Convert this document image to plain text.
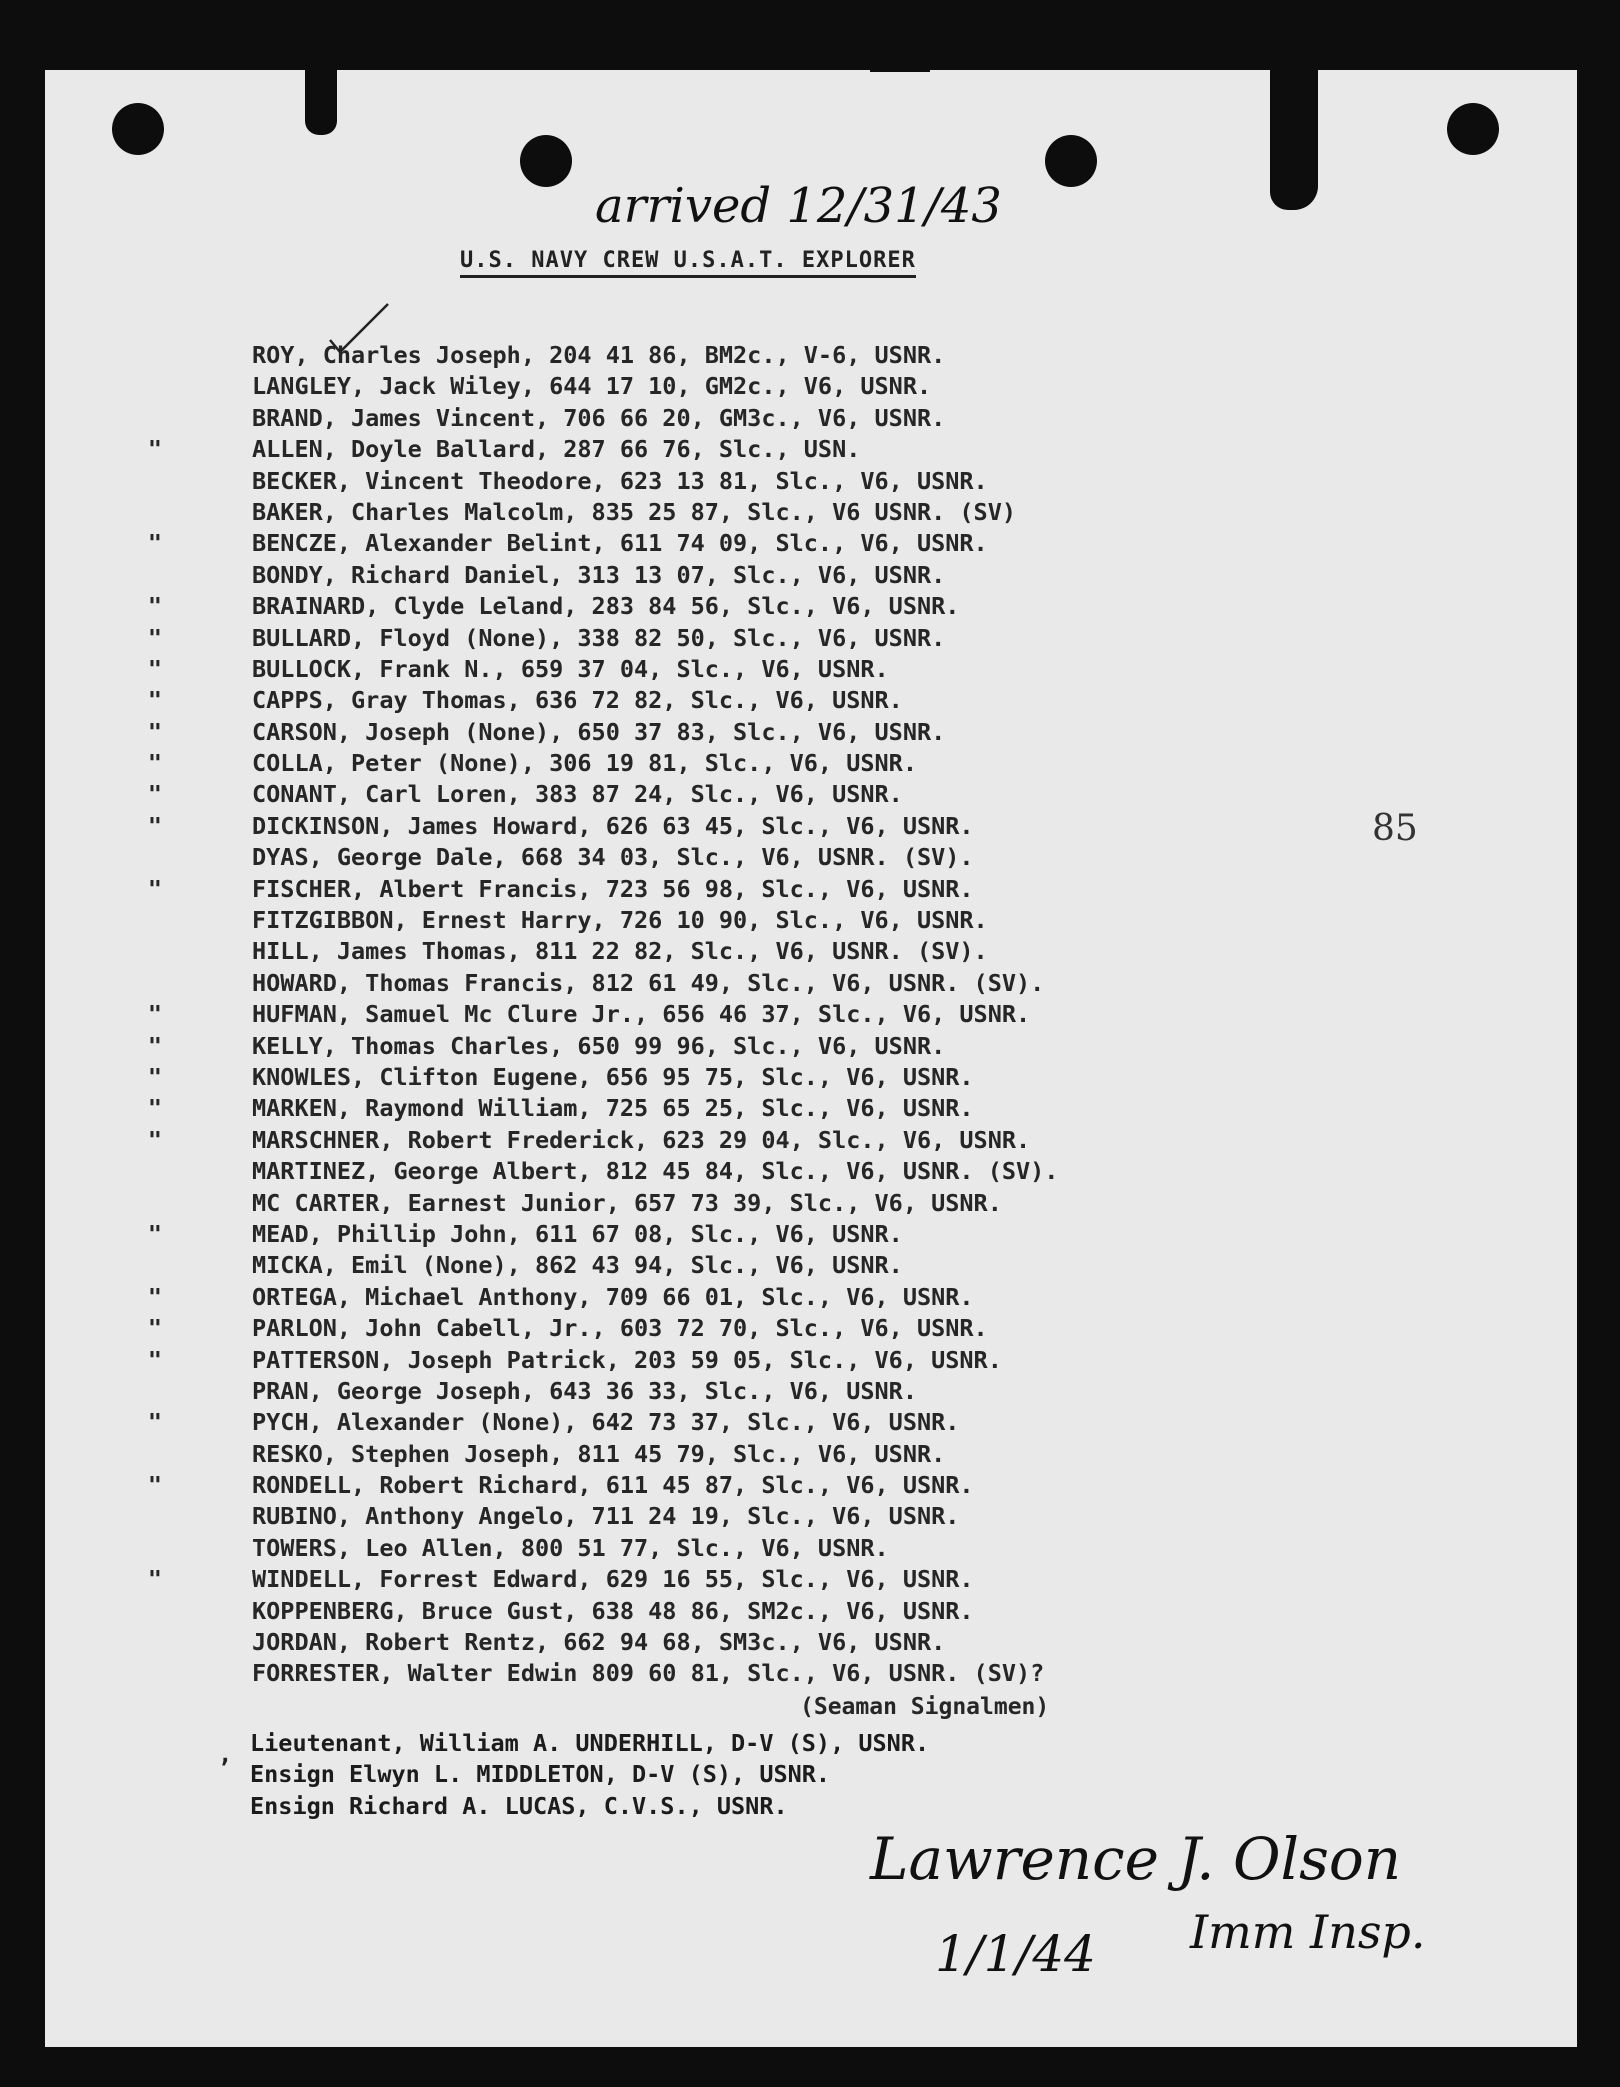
arrived 12/31/43
U.S. NAVY CREW U.S.A.T. EXPLORER
85
ROY, Charles Joseph, 204 41 86, BM2c., V-6, USNR.
LANGLEY, Jack Wiley, 644 17 10, GM2c., V6, USNR.
BRAND, James Vincent, 706 66 20, GM3c., V6, USNR.
"	ALLEN, Doyle Ballard, 287 66 76, Slc., USN.
BECKER, Vincent Theodore, 623 13 81, Slc., V6, USNR.
BAKER, Charles Malcolm, 835 25 87, Slc., V6 USNR. (SV)
"	BENCZE, Alexander Belint, 611 74 09, Slc., V6, USNR.
BONDY, Richard Daniel, 313 13 07, Slc., V6, USNR.
"	BRAINARD, Clyde Leland, 283 84 56, Slc., V6, USNR.
"	BULLARD, Floyd (None), 338 82 50, Slc., V6, USNR.
"	BULLOCK, Frank N., 659 37 04, Slc., V6, USNR.
"	CAPPS, Gray Thomas, 636 72 82, Slc., V6, USNR.
"	CARSON, Joseph (None), 650 37 83, Slc., V6, USNR.
"	COLLA, Peter (None), 306 19 81, Slc., V6, USNR.
"	CONANT, Carl Loren, 383 87 24, Slc., V6, USNR.
"	DICKINSON, James Howard, 626 63 45, Slc., V6, USNR.
DYAS, George Dale, 668 34 03, Slc., V6, USNR. (SV).
"	FISCHER, Albert Francis, 723 56 98, Slc., V6, USNR.
FITZGIBBON, Ernest Harry, 726 10 90, Slc., V6, USNR.
HILL, James Thomas, 811 22 82, Slc., V6, USNR. (SV).
HOWARD, Thomas Francis, 812 61 49, Slc., V6, USNR. (SV).
"	HUFMAN, Samuel Mc Clure Jr., 656 46 37, Slc., V6, USNR.
"	KELLY, Thomas Charles, 650 99 96, Slc., V6, USNR.
"	KNOWLES, Clifton Eugene, 656 95 75, Slc., V6, USNR.
"	MARKEN, Raymond William, 725 65 25, Slc., V6, USNR.
"	MARSCHNER, Robert Frederick, 623 29 04, Slc., V6, USNR.
MARTINEZ, George Albert, 812 45 84, Slc., V6, USNR. (SV).
MC CARTER, Earnest Junior, 657 73 39, Slc., V6, USNR.
"	MEAD, Phillip John, 611 67 08, Slc., V6, USNR.
MICKA, Emil (None), 862 43 94, Slc., V6, USNR.
"	ORTEGA, Michael Anthony, 709 66 01, Slc., V6, USNR.
"	PARLON, John Cabell, Jr., 603 72 70, Slc., V6, USNR.
"	PATTERSON, Joseph Patrick, 203 59 05, Slc., V6, USNR.
PRAN, George Joseph, 643 36 33, Slc., V6, USNR.
"	PYCH, Alexander (None), 642 73 37, Slc., V6, USNR.
RESKO, Stephen Joseph, 811 45 79, Slc., V6, USNR.
"	RONDELL, Robert Richard, 611 45 87, Slc., V6, USNR.
RUBINO, Anthony Angelo, 711 24 19, Slc., V6, USNR.
TOWERS, Leo Allen, 800 51 77, Slc., V6, USNR.
"	WINDELL, Forrest Edward, 629 16 55, Slc., V6, USNR.
KOPPENBERG, Bruce Gust, 638 48 86, SM2c., V6, USNR.
JORDAN, Robert Rentz, 662 94 68, SM3c., V6, USNR.
FORRESTER, Walter Edwin 809 60 81, Slc., V6, USNR. (SV)?
(Seaman Signalmen)
, Lieutenant, William A. UNDERHILL, D-V (S), USNR.
Ensign Elwyn L. MIDDLETON, D-V (S), USNR.
Ensign Richard A. LUCAS, C.V.S., USNR.
Lawrence J. Olson
Imm Insp.
1/1/44
